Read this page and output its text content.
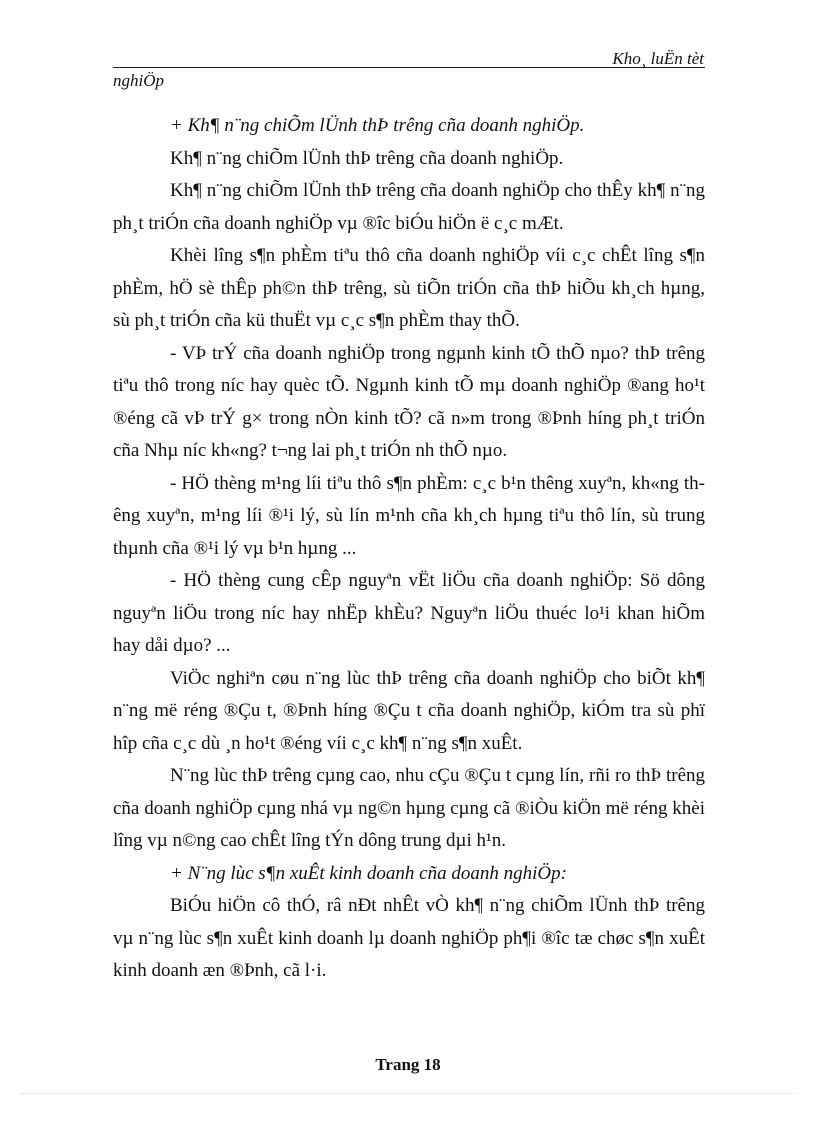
Kho¸ luËn tèt
nghiÖp

+ Kh¶ n¨ng chiÕm lÜnh thÞ trêng cña doanh nghiÖp.

Kh¶ n¨ng chiÕm lÜnh thÞ trêng cña doanh nghiÖp.

Kh¶ n¨ng chiÕm lÜnh thÞ trêng cña doanh nghiÖp cho thÊy kh¶ n¨ng ph¸t triÓn cña doanh nghiÖp vµ ®îc biÓu hiÖn ë c¸c mÆt.

Khèi lîng s¶n phÈm tiªu thô cña doanh nghiÖp víi c¸c chÊt lîng s¶n phÈm, hÖ sè thÊp ph©n thÞ trêng, sù tiÕn triÓn cña thÞ hiÕu kh¸ch hµng, sù ph¸t triÓn cña kü thuËt vµ c¸c s¶n phÈm thay thÕ.

- VÞ trÝ cña doanh nghiÖp trong ngµnh kinh tÕ thÕ nµo? thÞ trêng tiªu thô trong níc hay quèc tÕ. Ngµnh kinh tÕ mµ doanh nghiÖp ®ang ho¹t ®éng cã vÞ trÝ g× trong nÒn kinh tÕ? cã n»m trong ®Þnh híng ph¸t triÓn cña Nhµ níc kh«ng? t¬ng lai ph¸t triÓn nh thÕ nµo.

- HÖ thèng m¹ng líi tiªu thô s¶n phÈm: c¸c b¹n thêng xuyªn, kh«ng thêng xuyªn, m¹ng líi ®¹i lý, sù lín m¹nh cña kh¸ch hµng tiªu thô lín, sù trung thµnh cña ®¹i lý vµ b¹n hµng ...

- HÖ thèng cung cÊp nguyªn vËt liÖu cña doanh nghiÖp: Sö dông nguyªn liÖu trong níc hay nhËp khÈu? Nguyªn liÖu thuéc lo¹i khan hiÕm hay dåi dµo? ...

ViÖc nghiªn cøu n¨ng lùc thÞ trêng cña doanh nghiÖp cho biÕt kh¶ n¨ng më réng ®Çu t, ®Þnh híng ®Çu t cña doanh nghiÖp, kiÓm tra sù phï hîp cña c¸c dù ¸n ho¹t ®éng víi c¸c kh¶ n¨ng s¶n xuÊt.

N¨ng lùc thÞ trêng cµng cao, nhu cÇu ®Çu t cµng lín, rñi ro thÞ trêng cña doanh nghiÖp cµng nhá vµ ng©n hµng cµng cã ®iÒu kiÖn më réng khèi lîng vµ n©ng cao chÊt lîng tÝn dông trung dµi h¹n.

+ N¨ng lùc s¶n xuÊt kinh doanh cña doanh nghiÖp:

BiÓu hiÖn cô thÓ, râ nÐt nhÊt vÒ kh¶ n¨ng chiÕm lÜnh thÞ trêng vµ n¨ng lùc s¶n xuÊt kinh doanh lµ doanh nghiÖp ph¶i ®îc tæ chøc s¶n xuÊt kinh doanh æn ®Þnh, cã l·i.

Trang 18
